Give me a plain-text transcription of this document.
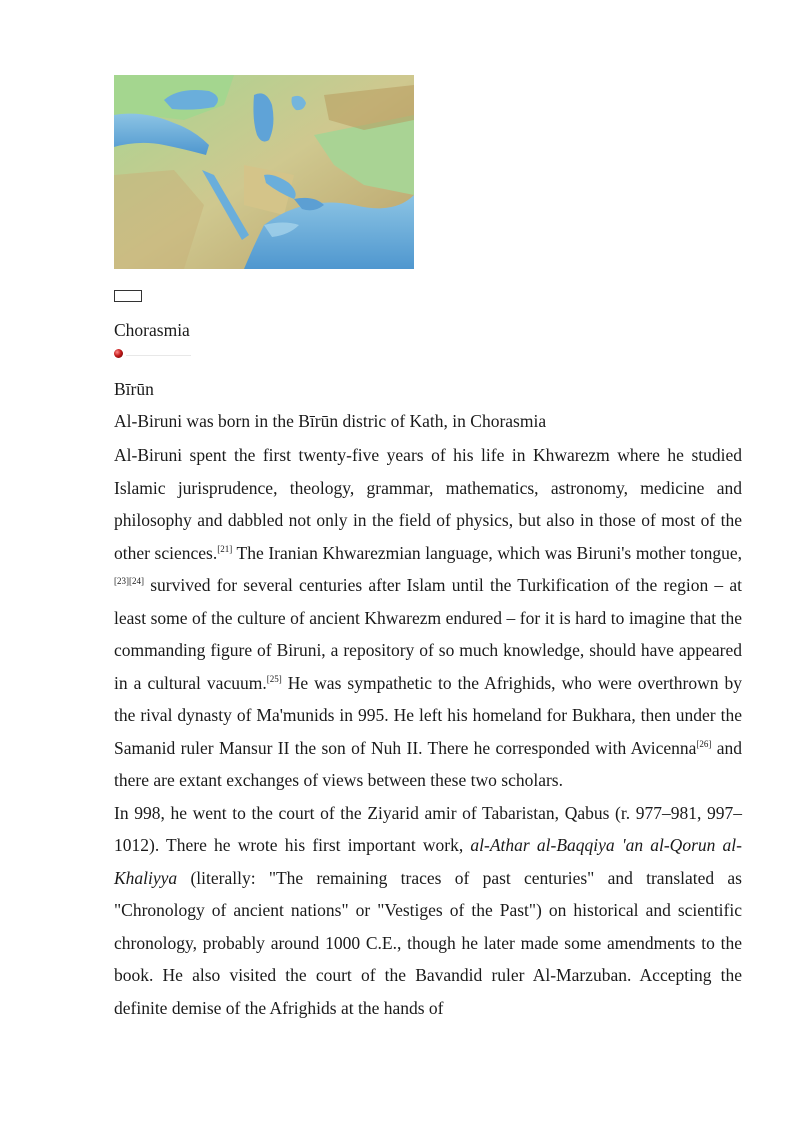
Chorasmia
Bīrūn
Al-Biruni was born in the Bīrūn distric of Kath, in Chorasmia

Al-Biruni spent the first twenty-five years of his life in Khwarezm where he studied Islamic jurisprudence, theology, grammar, mathematics, astronomy, medicine and philosophy and dabbled not only in the field of physics, but also in those of most of the other sciences.[21] The Iranian Khwarezmian language, which was Biruni's mother tongue,[23][24] survived for several centuries after Islam until the Turkification of the region – at least some of the culture of ancient Khwarezm endured – for it is hard to imagine that the commanding figure of Biruni, a repository of so much knowledge, should have appeared in a cultural vacuum.[25] He was sympathetic to the Afrighids, who were overthrown by the rival dynasty of Ma'munids in 995. He left his homeland for Bukhara, then under the Samanid ruler Mansur II the son of Nuh II. There he corresponded with Avicenna[26] and there are extant exchanges of views between these two scholars.

In 998, he went to the court of the Ziyarid amir of Tabaristan, Qabus (r. 977–981, 997–1012). There he wrote his first important work, al-Athar al-Baqqiya 'an al-Qorun al-Khaliyya (literally: "The remaining traces of past centuries" and translated as "Chronology of ancient nations" or "Vestiges of the Past") on historical and scientific chronology, probably around 1000 C.E., though he later made some amendments to the book. He also visited the court of the Bavandid ruler Al-Marzuban. Accepting the definite demise of the Afrighids at the hands of
